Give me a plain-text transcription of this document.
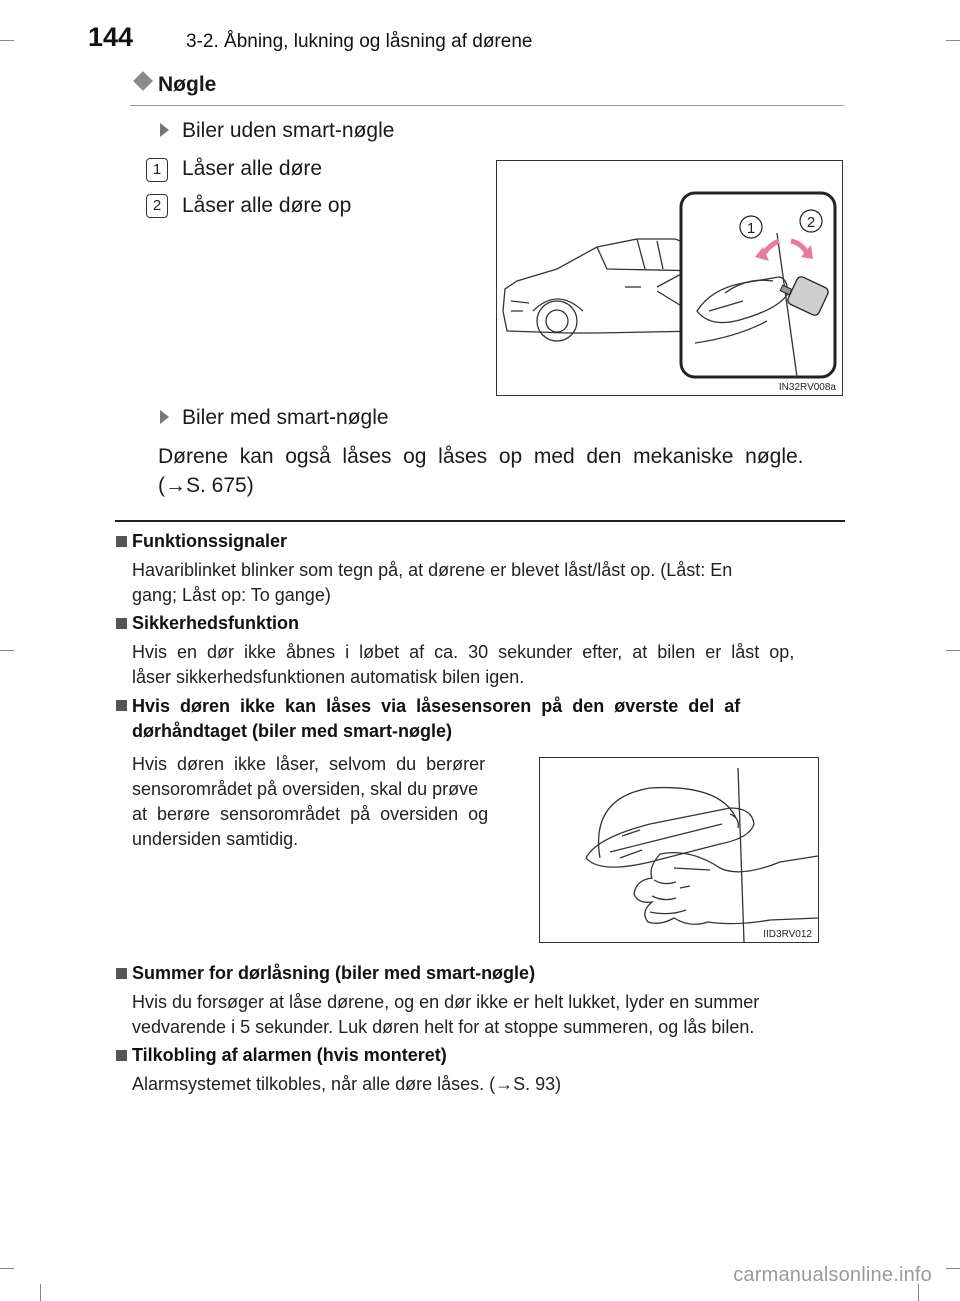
144	3-2. Åbning, lukning og låsning af dørene
Nøgle
Biler uden smart-nøgle
1 Låser alle døre
2 Låser alle døre op
1	2
IN32RV008a
Biler med smart-nøgle
Dørene  kan  også  låses  og  låses  op  med  den  mekaniske  nøgle.
(→S. 675)
Funktionssignaler
Havariblinket blinker som tegn på, at dørene er blevet låst/låst op. (Låst: En
gang; Låst op: To gange)
Sikkerhedsfunktion
Hvis  en  dør  ikke  åbnes  i  løbet  af  ca.  30  sekunder  efter,  at  bilen  er  låst  op,
låser sikkerhedsfunktionen automatisk bilen igen.
Hvis  døren  ikke  kan  låses  via  låsesensoren  på  den  øverste  del  af
dørhåndtaget (biler med smart-nøgle)
Hvis  døren  ikke  låser,  selvom  du  berører
sensorområdet på oversiden, skal du prøve
at  berøre  sensorområdet  på  oversiden  og
undersiden samtidig.
IID3RV012
Summer for dørlåsning (biler med smart-nøgle)
Hvis du forsøger at låse dørene, og en dør ikke er helt lukket, lyder en summer
vedvarende i 5 sekunder. Luk døren helt for at stoppe summeren, og lås bilen.
Tilkobling af alarmen (hvis monteret)
Alarmsystemet tilkobles, når alle døre låses. (→S. 93)
carmanualsonline.info
